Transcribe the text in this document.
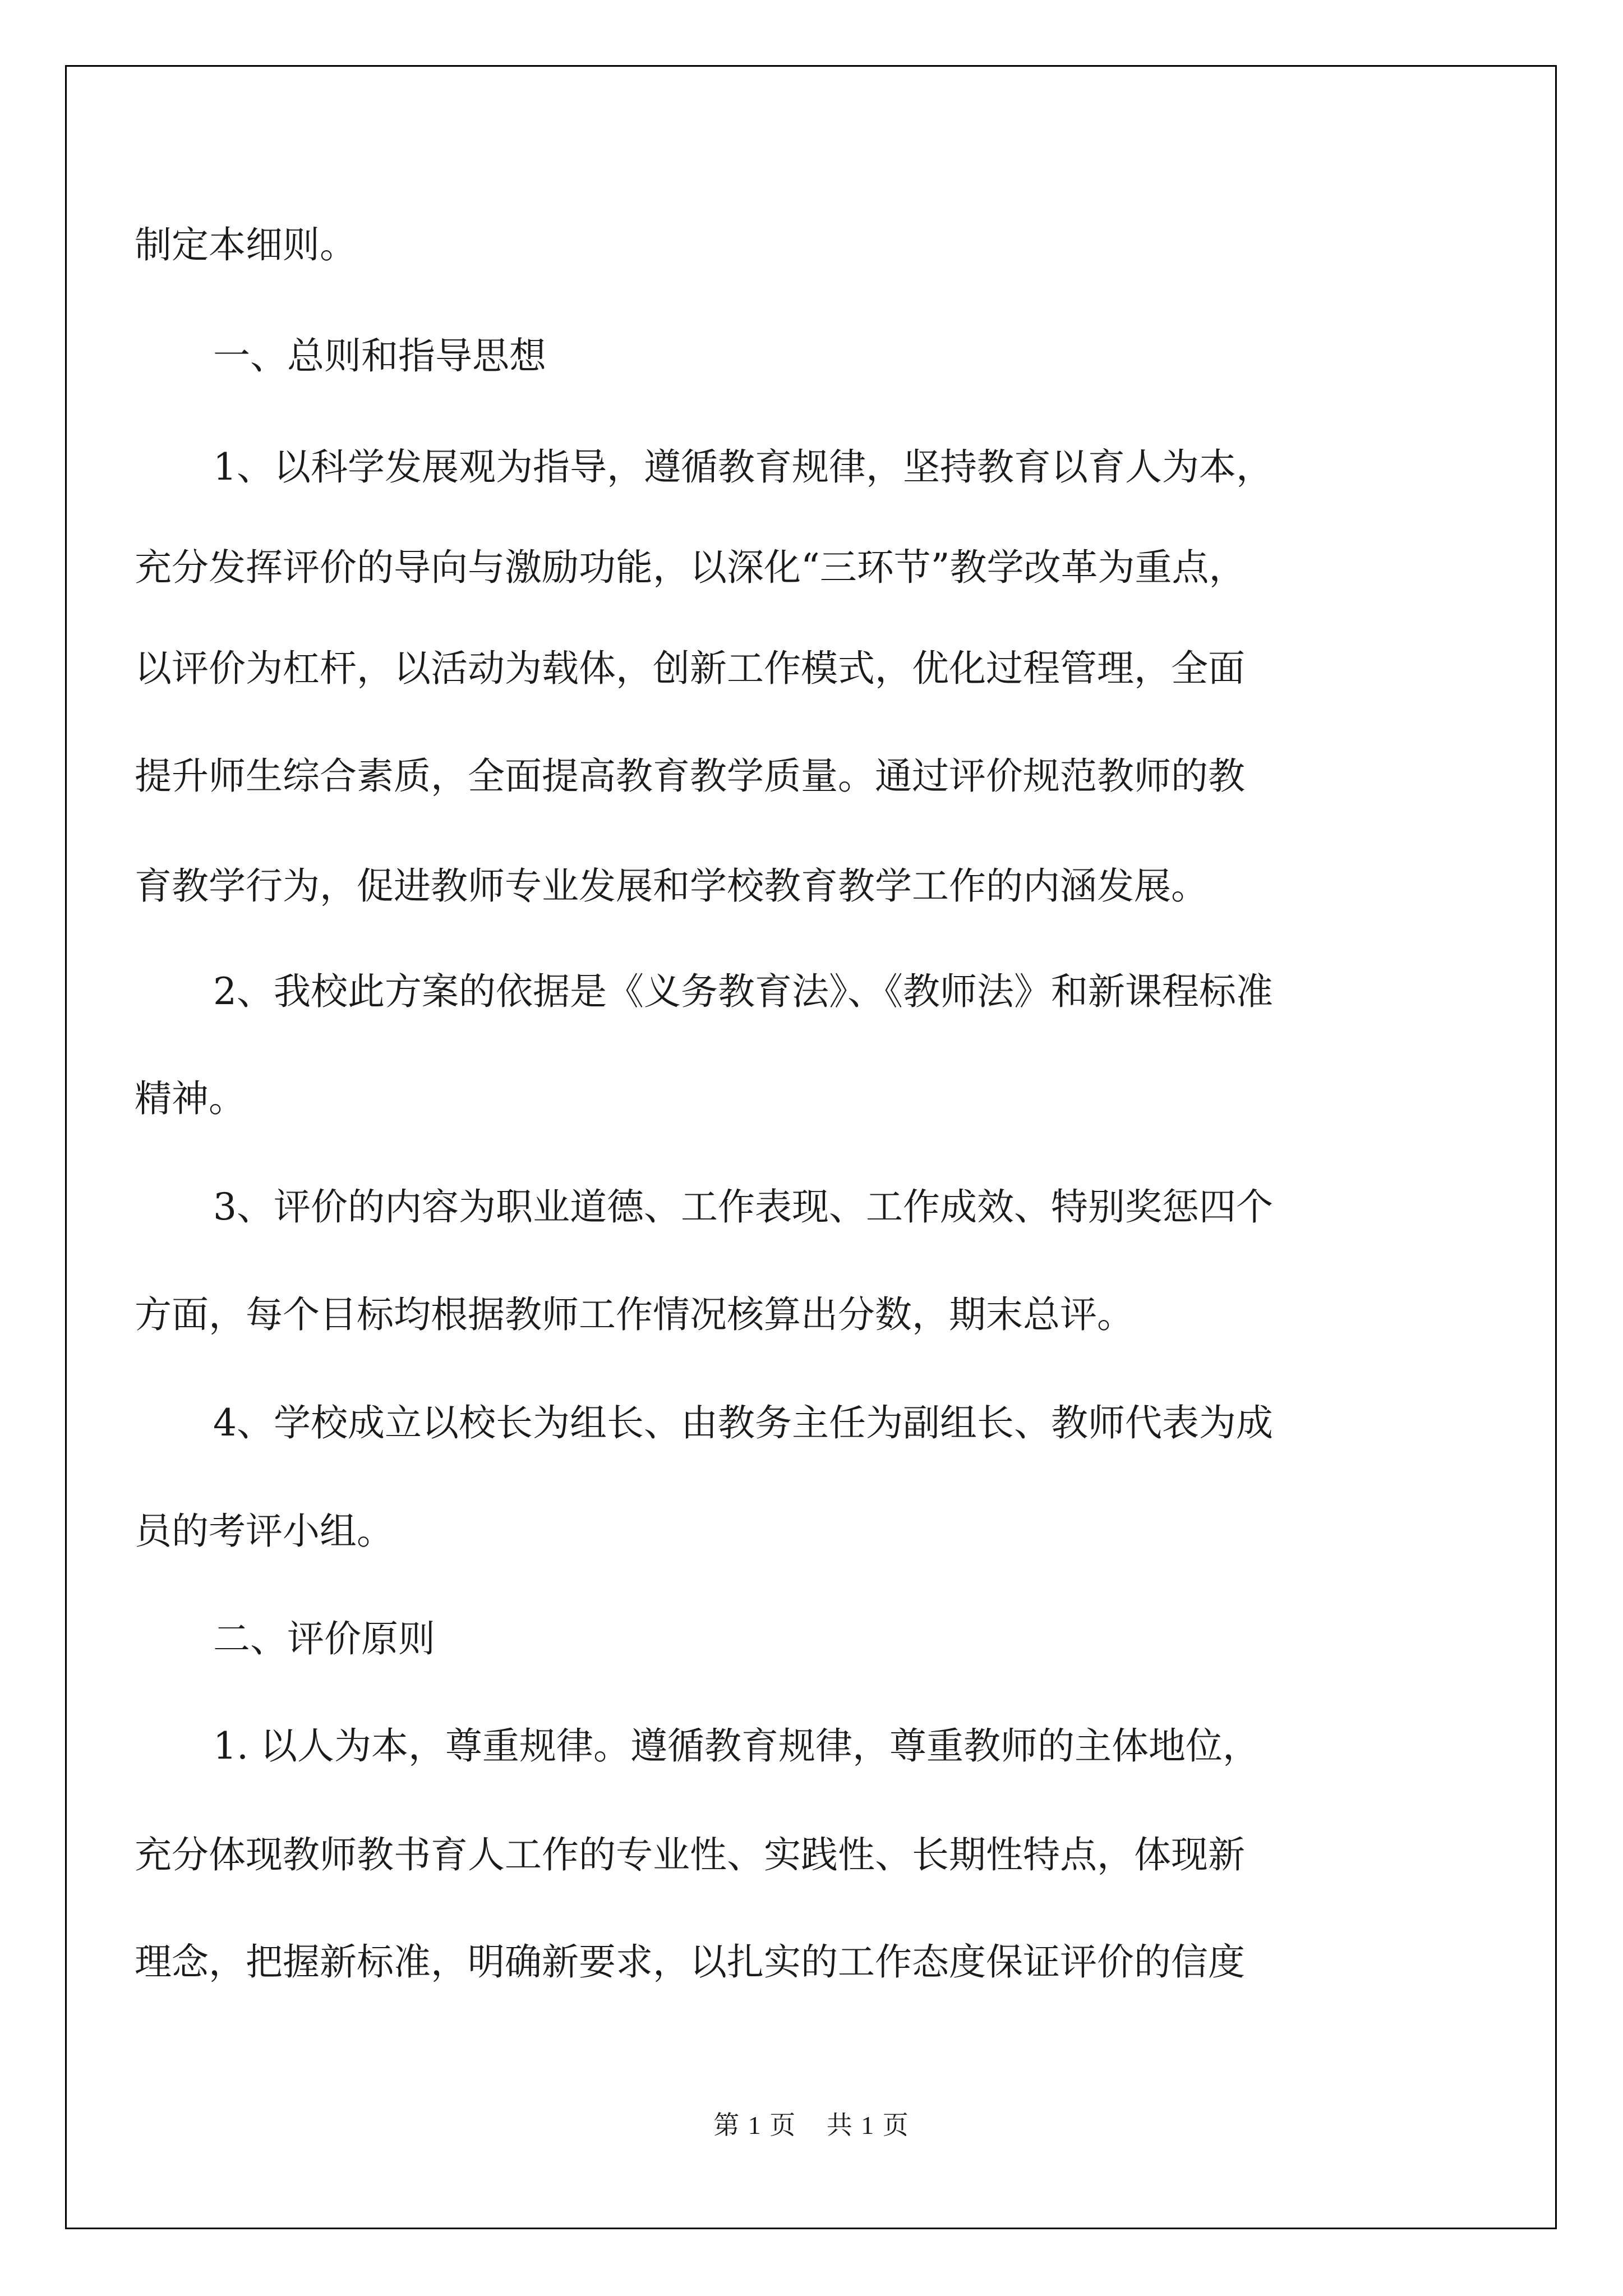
制定本细则。
一、总则和指导思想
1、以科学发展观为指导，遵循教育规律，坚持教育以育人为本，
充分发挥评价的导向与激励功能，以深化“三环节”教学改革为重点，
以评价为杠杆，以活动为载体，创新工作模式，优化过程管理，全面
提升师生综合素质，全面提高教育教学质量。通过评价规范教师的教
育教学行为，促进教师专业发展和学校教育教学工作的内涵发展。
2、我校此方案的依据是《义务教育法》、《教师法》和新课程标准
精神。
3、评价的内容为职业道德、工作表现、工作成效、特别奖惩四个
方面，每个目标均根据教师工作情况核算出分数，期末总评。
4、学校成立以校长为组长、由教务主任为副组长、教师代表为成
员的考评小组。
二、评价原则
1. 以人为本，尊重规律。遵循教育规律，尊重教师的主体地位，
充分体现教师教书育人工作的专业性、实践性、长期性特点，体现新
理念，把握新标准，明确新要求，以扎实的工作态度保证评价的信度
第 1 页 共 1 页
